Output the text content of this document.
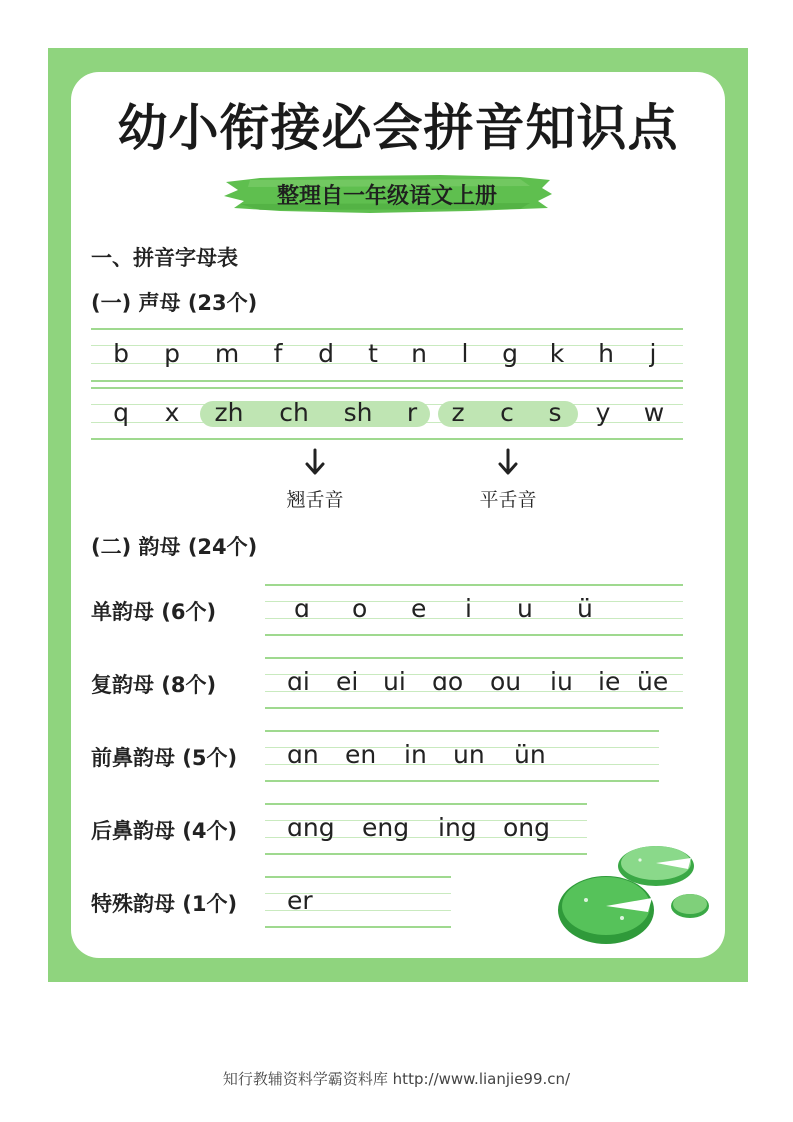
幼小衔接必会拼音知识点
整理自一年级语文上册
一、拼音字母表
(一) 声母 (23个)
b p m f d t n l g k h j
q x zh ch sh r z c s y w
翘舌音	平舌音
(二) 韵母 (24个)
单韵母 (6个)	ɑ o e i u ü
复韵母 (8个)	ɑi ei ui ɑo ou iu ie üe
前鼻韵母 (5个) ɑn en in un ün
后鼻韵母 (4个) ɑng eng ing ong
特殊韵母 (1个) er
知行教辅资料学霸资料库 http://www.lianjie99.cn/
